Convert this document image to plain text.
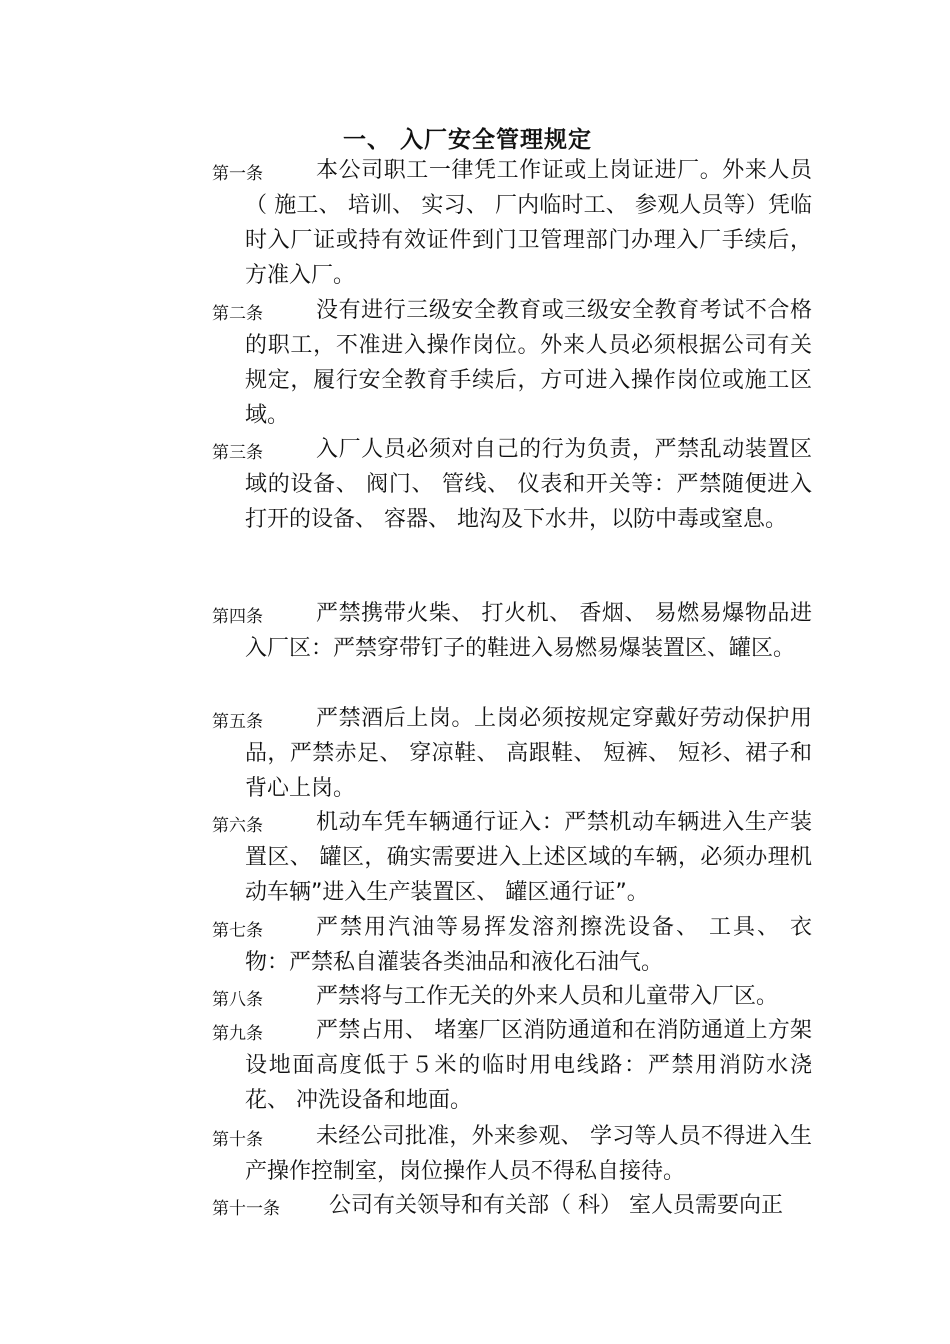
一、 入厂安全管理规定
第一条	本公司职工一律凭工作证或上岗证进厂。外来人员（ 施工、 培训、 实习、 厂内临时工、 参观人员等）凭临时入厂证或持有效证件到门卫管理部门办理入厂手续后，方准入厂。

第二条	没有进行三级安全教育或三级安全教育考试不合格的职工，不准进入操作岗位。外来人员必须根据公司有关规定，履行安全教育手续后，方可进入操作岗位或施工区域。

第三条	入厂人员必须对自己的行为负责，严禁乱动装置区域的设备、 阀门、 管线、 仪表和开关等：严禁随便进入打开的设备、 容器、 地沟及下水井，以防中毒或窒息。

第四条	严禁携带火柴、 打火机、 香烟、 易燃易爆物品进入厂区：严禁穿带钉子的鞋进入易燃易爆装置区、罐区。

第五条	严禁酒后上岗。上岗必须按规定穿戴好劳动保护用品，严禁赤足、 穿凉鞋、 高跟鞋、 短裤、 短衫、裙子和背心上岗。

第六条	机动车凭车辆通行证入：严禁机动车辆进入生产装置区、 罐区，确实需要进入上述区域的车辆，必须办理机动车辆”进入生产装置区、 罐区通行证”。

第七条	严禁用汽油等易挥发溶剂擦洗设备、 工具、 衣物：严禁私自灌装各类油品和液化石油气。

第八条	严禁将与工作无关的外来人员和儿童带入厂区。

第九条	严禁占用、 堵塞厂区消防通道和在消防通道上方架设地面高度低于５米的临时用电线路：严禁用消防水浇花、 冲洗设备和地面。

第十条	未经公司批准，外来参观、 学习等人员不得进入生产操作控制室，岗位操作人员不得私自接待。

第十一条	公司有关领导和有关部（ 科） 室人员需要向正
